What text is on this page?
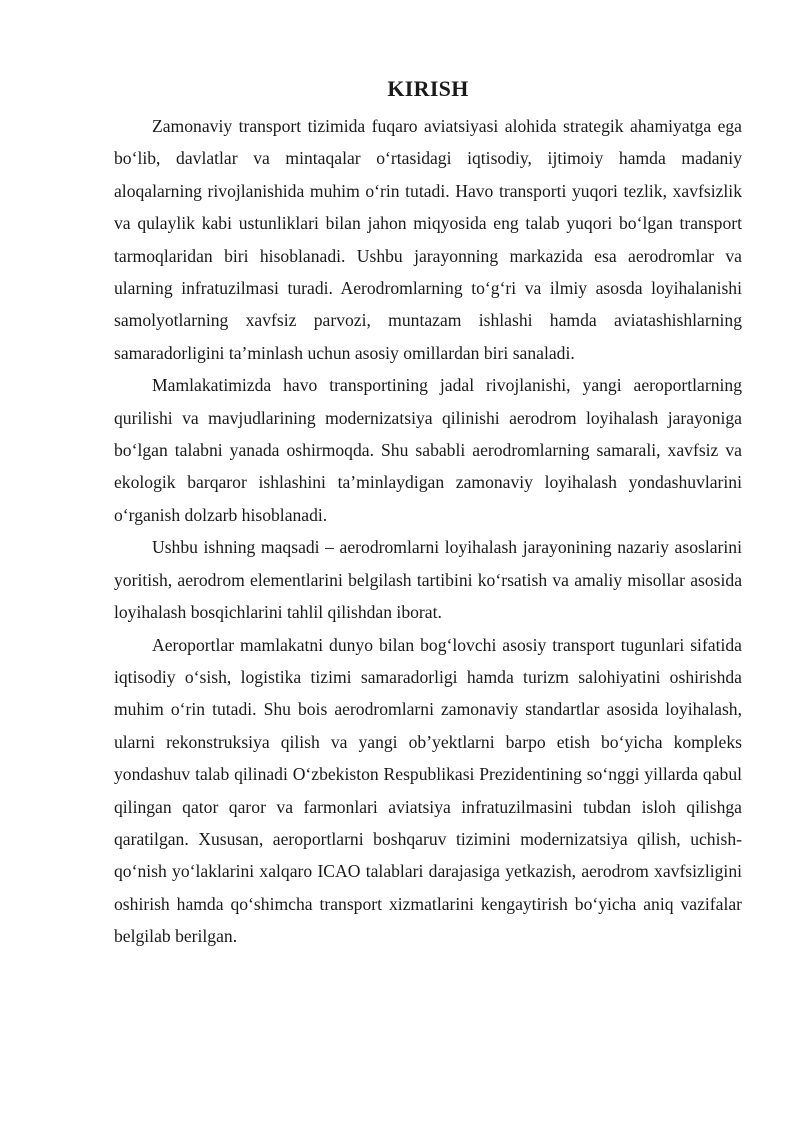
KIRISH

Zamonaviy transport tizimida fuqaro aviatsiyasi alohida strategik ahamiyatga ega bo‘lib, davlatlar va mintaqalar o‘rtasidagi iqtisodiy, ijtimoiy hamda madaniy aloqalarning rivojlanishida muhim o‘rin tutadi. Havo transporti yuqori tezlik, xavfsizlik va qulaylik kabi ustunliklari bilan jahon miqyosida eng talab yuqori bo‘lgan transport tarmoqlaridan biri hisoblanadi. Ushbu jarayonning markazida esa aerodromlar va ularning infratuzilmasi turadi. Aerodromlarning to‘g‘ri va ilmiy asosda loyihalanishi samolyotlarning xavfsiz parvozi, muntazam ishlashi hamda aviatashishlarning samaradorligini ta’minlash uchun asosiy omillardan biri sanaladi.

Mamlakatimizda havo transportining jadal rivojlanishi, yangi aeroportlarning qurilishi va mavjudlarining modernizatsiya qilinishi aerodrom loyihalash jarayoniga bo‘lgan talabni yanada oshirmoqda. Shu sababli aerodromlarning samarali, xavfsiz va ekologik barqaror ishlashini ta’minlaydigan zamonaviy loyihalash yondashuvlarini o‘rganish dolzarb hisoblanadi.

Ushbu ishning maqsadi – aerodromlarni loyihalash jarayonining nazariy asoslarini yoritish, aerodrom elementlarini belgilash tartibini ko‘rsatish va amaliy misollar asosida loyihalash bosqichlarini tahlil qilishdan iborat.

Aeroportlar mamlakatni dunyo bilan bog‘lovchi asosiy transport tugunlari sifatida iqtisodiy o‘sish, logistika tizimi samaradorligi hamda turizm salohiyatini oshirishda muhim o‘rin tutadi. Shu bois aerodromlarni zamonaviy standartlar asosida loyihalash, ularni rekonstruksiya qilish va yangi ob’yektlarni barpo etish bo‘yicha kompleks yondashuv talab qilinadi O‘zbekiston Respublikasi Prezidentining so‘nggi yillarda qabul qilingan qator qaror va farmonlari aviatsiya infratuzilmasini tubdan isloh qilishga qaratilgan. Xususan, aeroportlarni boshqaruv tizimini modernizatsiya qilish, uchish-qo‘nish yo‘laklarini xalqaro ICAO talablari darajasiga yetkazish, aerodrom xavfsizligini oshirish hamda qo‘shimcha transport xizmatlarini kengaytirish bo‘yicha aniq vazifalar belgilab berilgan.
